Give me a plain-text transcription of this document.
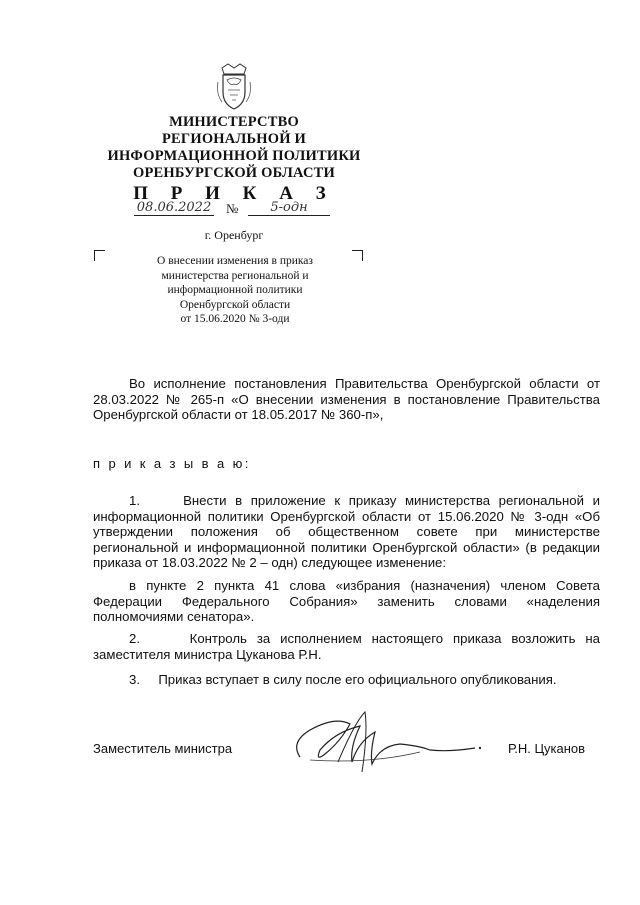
МИНИСТЕРСТВО
РЕГИОНАЛЬНОЙ И
ИНФОРМАЦИОННОЙ ПОЛИТИКИ
ОРЕНБУРГСКОЙ ОБЛАСТИ
П Р И К А З
08.06.2022 №	5-одн
г. Оренбург
О внесении изменения в приказ
министерства региональной и
информационной политики
Оренбургской области
от 15.06.2020 № 3-оди
Во исполнение постановления Правительства Оренбургской области от 28.03.2022 № 265-п «О внесении изменения в постановление Правительства Оренбургской области от 18.05.2017 № 360-п»,
п р и к а з ы в а ю:
1.     Внести в приложение к приказу министерства региональной и информационной политики Оренбургской области от 15.06.2020 № 3-одн «Об утверждении положения об общественном совете при министерстве региональной и информационной политики Оренбургской области» (в редакции приказа от 18.03.2022 № 2 – одн) следующее изменение:
в пункте 2 пункта 41 слова «избрания (назначения) членом Совета Федерации Федерального Собрания» заменить словами «наделения полномочиями сенатора».
2.     Контроль за исполнением настоящего приказа возложить на заместителя министра Цуканова Р.Н.
3.     Приказ вступает в силу после его официального опубликования.
Заместитель министра	Р.Н. Цуканов
